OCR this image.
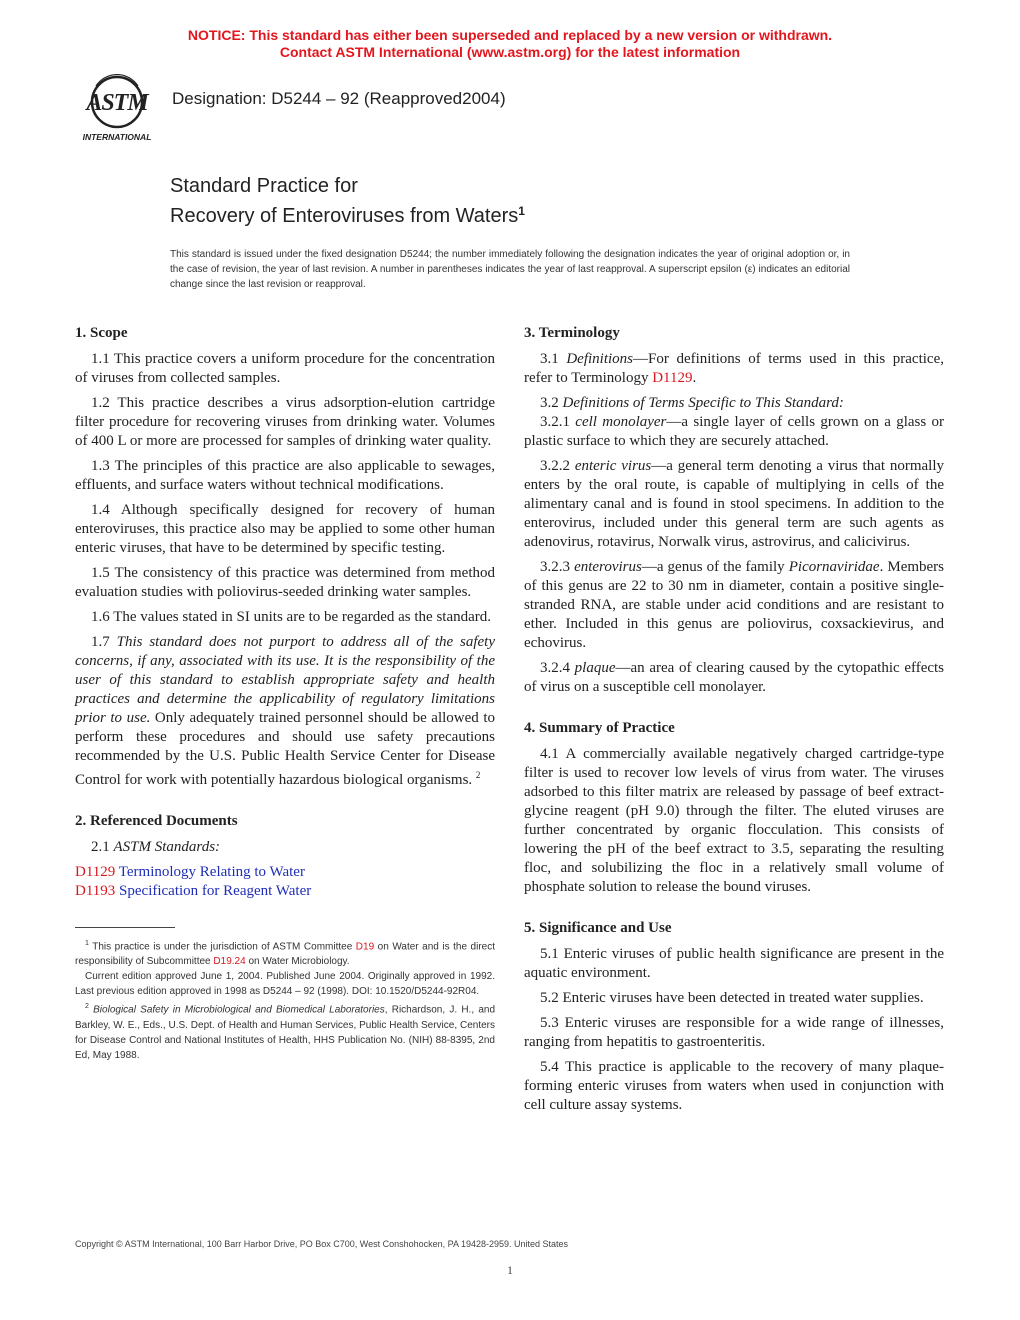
NOTICE: This standard has either been superseded and replaced by a new version or withdrawn.
Contact ASTM International (www.astm.org) for the latest information
ASTM
INTERNATIONAL
Designation: D5244 – 92 (Reapproved2004)
Standard Practice for
Recovery of Enteroviruses from Waters$^1$
This standard is issued under the fixed designation D5244; the number immediately following the designation indicates the year of original adoption or, in the case of revision, the year of last revision. A number in parentheses indicates the year of last reapproval. A superscript epsilon (ε) indicates an editorial change since the last revision or reapproval.
1. Scope

1.1 This practice covers a uniform procedure for the concentration of viruses from collected samples.

1.2 This practice describes a virus adsorption-elution cartridge filter procedure for recovering viruses from drinking water. Volumes of 400 L or more are processed for samples of drinking water quality.

1.3 The principles of this practice are also applicable to sewages, effluents, and surface waters without technical modifications.

1.4 Although specifically designed for recovery of human enteroviruses, this practice also may be applied to some other human enteric viruses, that have to be determined by specific testing.

1.5 The consistency of this practice was determined from method evaluation studies with poliovirus-seeded drinking water samples.

1.6 The values stated in SI units are to be regarded as the standard.

1.7 This standard does not purport to address all of the safety concerns, if any, associated with its use. It is the responsibility of the user of this standard to establish appropriate safety and health practices and determine the applicability of regulatory limitations prior to use. Only adequately trained personnel should be allowed to perform these procedures and should use safety precautions recommended by the U.S. Public Health Service Center for Disease Control for work with potentially hazardous biological organisms. $^2$

2. Referenced Documents

2.1 ASTM Standards:

D1129 Terminology Relating to Water

D1193 Specification for Reagent Water

$^1$ This practice is under the jurisdiction of ASTM Committee D19 on Water and is the direct responsibility of Subcommittee D19.24 on Water Microbiology.

Current edition approved June 1, 2004. Published June 2004. Originally approved in 1992. Last previous edition approved in 1998 as D5244 – 92 (1998). DOI: 10.1520/D5244-92R04.

$^2$ Biological Safety in Microbiological and Biomedical Laboratories, Richardson, J. H., and Barkley, W. E., Eds., U.S. Dept. of Health and Human Services, Public Health Service, Centers for Disease Control and National Institutes of Health, HHS Publication No. (NIH) 88-8395, 2nd Ed, May 1988.

3. Terminology

3.1 Definitions—For definitions of terms used in this practice, refer to Terminology D1129.

3.2 Definitions of Terms Specific to This Standard:

3.2.1 cell monolayer—a single layer of cells grown on a glass or plastic surface to which they are securely attached.

3.2.2 enteric virus—a general term denoting a virus that normally enters by the oral route, is capable of multiplying in cells of the alimentary canal and is found in stool specimens. In addition to the enterovirus, included under this general term are such agents as adenovirus, rotavirus, Norwalk virus, astrovirus, and calicivirus.

3.2.3 enterovirus—a genus of the family Picornaviridae. Members of this genus are 22 to 30 nm in diameter, contain a positive single-stranded RNA, are stable under acid conditions and are resistant to ether. Included in this genus are poliovirus, coxsackievirus, and echovirus.

3.2.4 plaque—an area of clearing caused by the cytopathic effects of virus on a susceptible cell monolayer.

4. Summary of Practice

4.1 A commercially available negatively charged cartridge-type filter is used to recover low levels of virus from water. The viruses adsorbed to this filter matrix are released by passage of beef extract-glycine reagent (pH 9.0) through the filter. The eluted viruses are further concentrated by organic flocculation. This consists of lowering the pH of the beef extract to 3.5, separating the resulting floc, and solubilizing the floc in a relatively small volume of phosphate solution to release the bound viruses.

5. Significance and Use

5.1 Enteric viruses of public health significance are present in the aquatic environment.

5.2 Enteric viruses have been detected in treated water supplies.

5.3 Enteric viruses are responsible for a wide range of illnesses, ranging from hepatitis to gastroenteritis.

5.4 This practice is applicable to the recovery of many plaque-forming enteric viruses from waters when used in conjunction with cell culture assay systems.

Copyright © ASTM International, 100 Barr Harbor Drive, PO Box C700, West Conshohocken, PA 19428-2959. United States
1
